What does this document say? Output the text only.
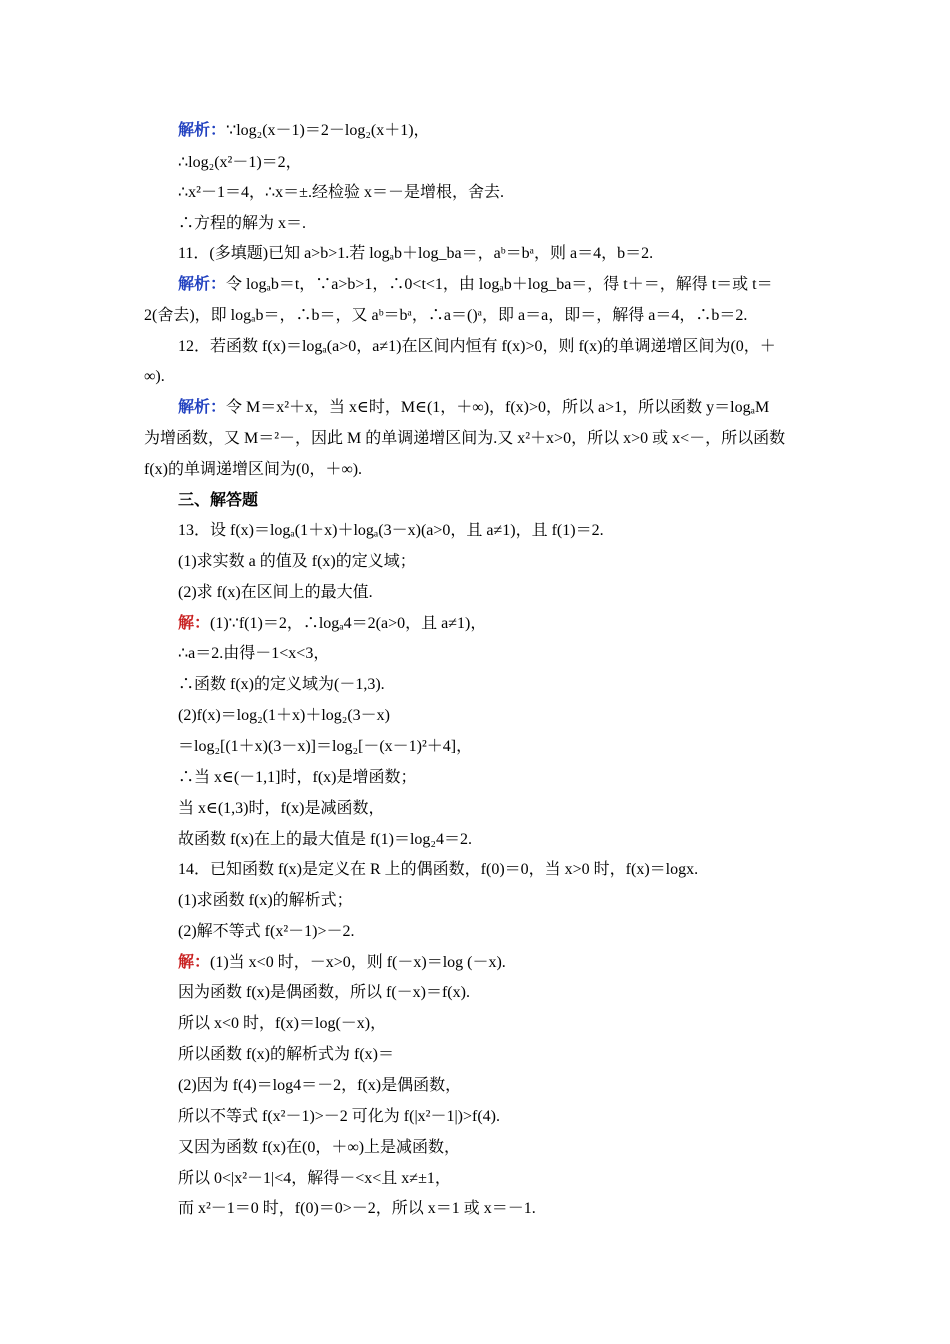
解析：∵log₂(x－1)＝2－log₂(x＋1)，
∴log₂(x²－1)＝2，
∴x²－1＝4，∴x＝±.经检验 x＝－是增根，舍去.
∴方程的解为 x＝.
11．(多填题)已知 a>b>1.若 logₐb＋log_ba＝，aᵇ＝bᵃ，则 a＝4，b＝2.
解析：令 logₐb＝t，∵a>b>1，∴0<t<1，由 logₐb＋log_ba＝，得 t＋＝，解得 t＝或 t＝
2(舍去)，即 logₐb＝，∴b＝，又 aᵇ＝bᵃ，∴a＝()ᵃ，即 a＝a，即＝，解得 a＝4，∴b＝2.
12．若函数 f(x)＝logₐ(a>0，a≠1)在区间内恒有 f(x)>0，则 f(x)的单调递增区间为(0，＋
∞).
解析：令 M＝x²＋x，当 x∈时，M∈(1，＋∞)，f(x)>0，所以 a>1，所以函数 y＝logₐM
为增函数，又 M＝²－，因此 M 的单调递增区间为.又 x²＋x>0，所以 x>0 或 x<－，所以函数
f(x)的单调递增区间为(0，＋∞).
三、解答题
13．设 f(x)＝logₐ(1＋x)＋logₐ(3－x)(a>0，且 a≠1)，且 f(1)＝2.
(1)求实数 a 的值及 f(x)的定义域；
(2)求 f(x)在区间上的最大值.
解：(1)∵f(1)＝2，∴logₐ4＝2(a>0，且 a≠1)，
∴a＝2.由得－1<x<3，
∴函数 f(x)的定义域为(－1,3).
(2)f(x)＝log₂(1＋x)＋log₂(3－x)
＝log₂[(1＋x)(3－x)]＝log₂[－(x－1)²＋4]，
∴当 x∈(－1,1]时，f(x)是增函数；
当 x∈(1,3)时，f(x)是减函数，
故函数 f(x)在上的最大值是 f(1)＝log₂4＝2.
14．已知函数 f(x)是定义在 R 上的偶函数，f(0)＝0，当 x>0 时，f(x)＝logx.
(1)求函数 f(x)的解析式；
(2)解不等式 f(x²－1)>－2.
解：(1)当 x<0 时，－x>0，则 f(－x)＝log (－x).
因为函数 f(x)是偶函数，所以 f(－x)＝f(x).
所以 x<0 时，f(x)＝log(－x)，
所以函数 f(x)的解析式为 f(x)＝
(2)因为 f(4)＝log4＝－2，f(x)是偶函数，
所以不等式 f(x²－1)>－2 可化为 f(|x²－1|)>f(4).
又因为函数 f(x)在(0，＋∞)上是减函数，
所以 0<|x²－1|<4，解得－<x<且 x≠±1，
而 x²－1＝0 时，f(0)＝0>－2，所以 x＝1 或 x＝－1.
